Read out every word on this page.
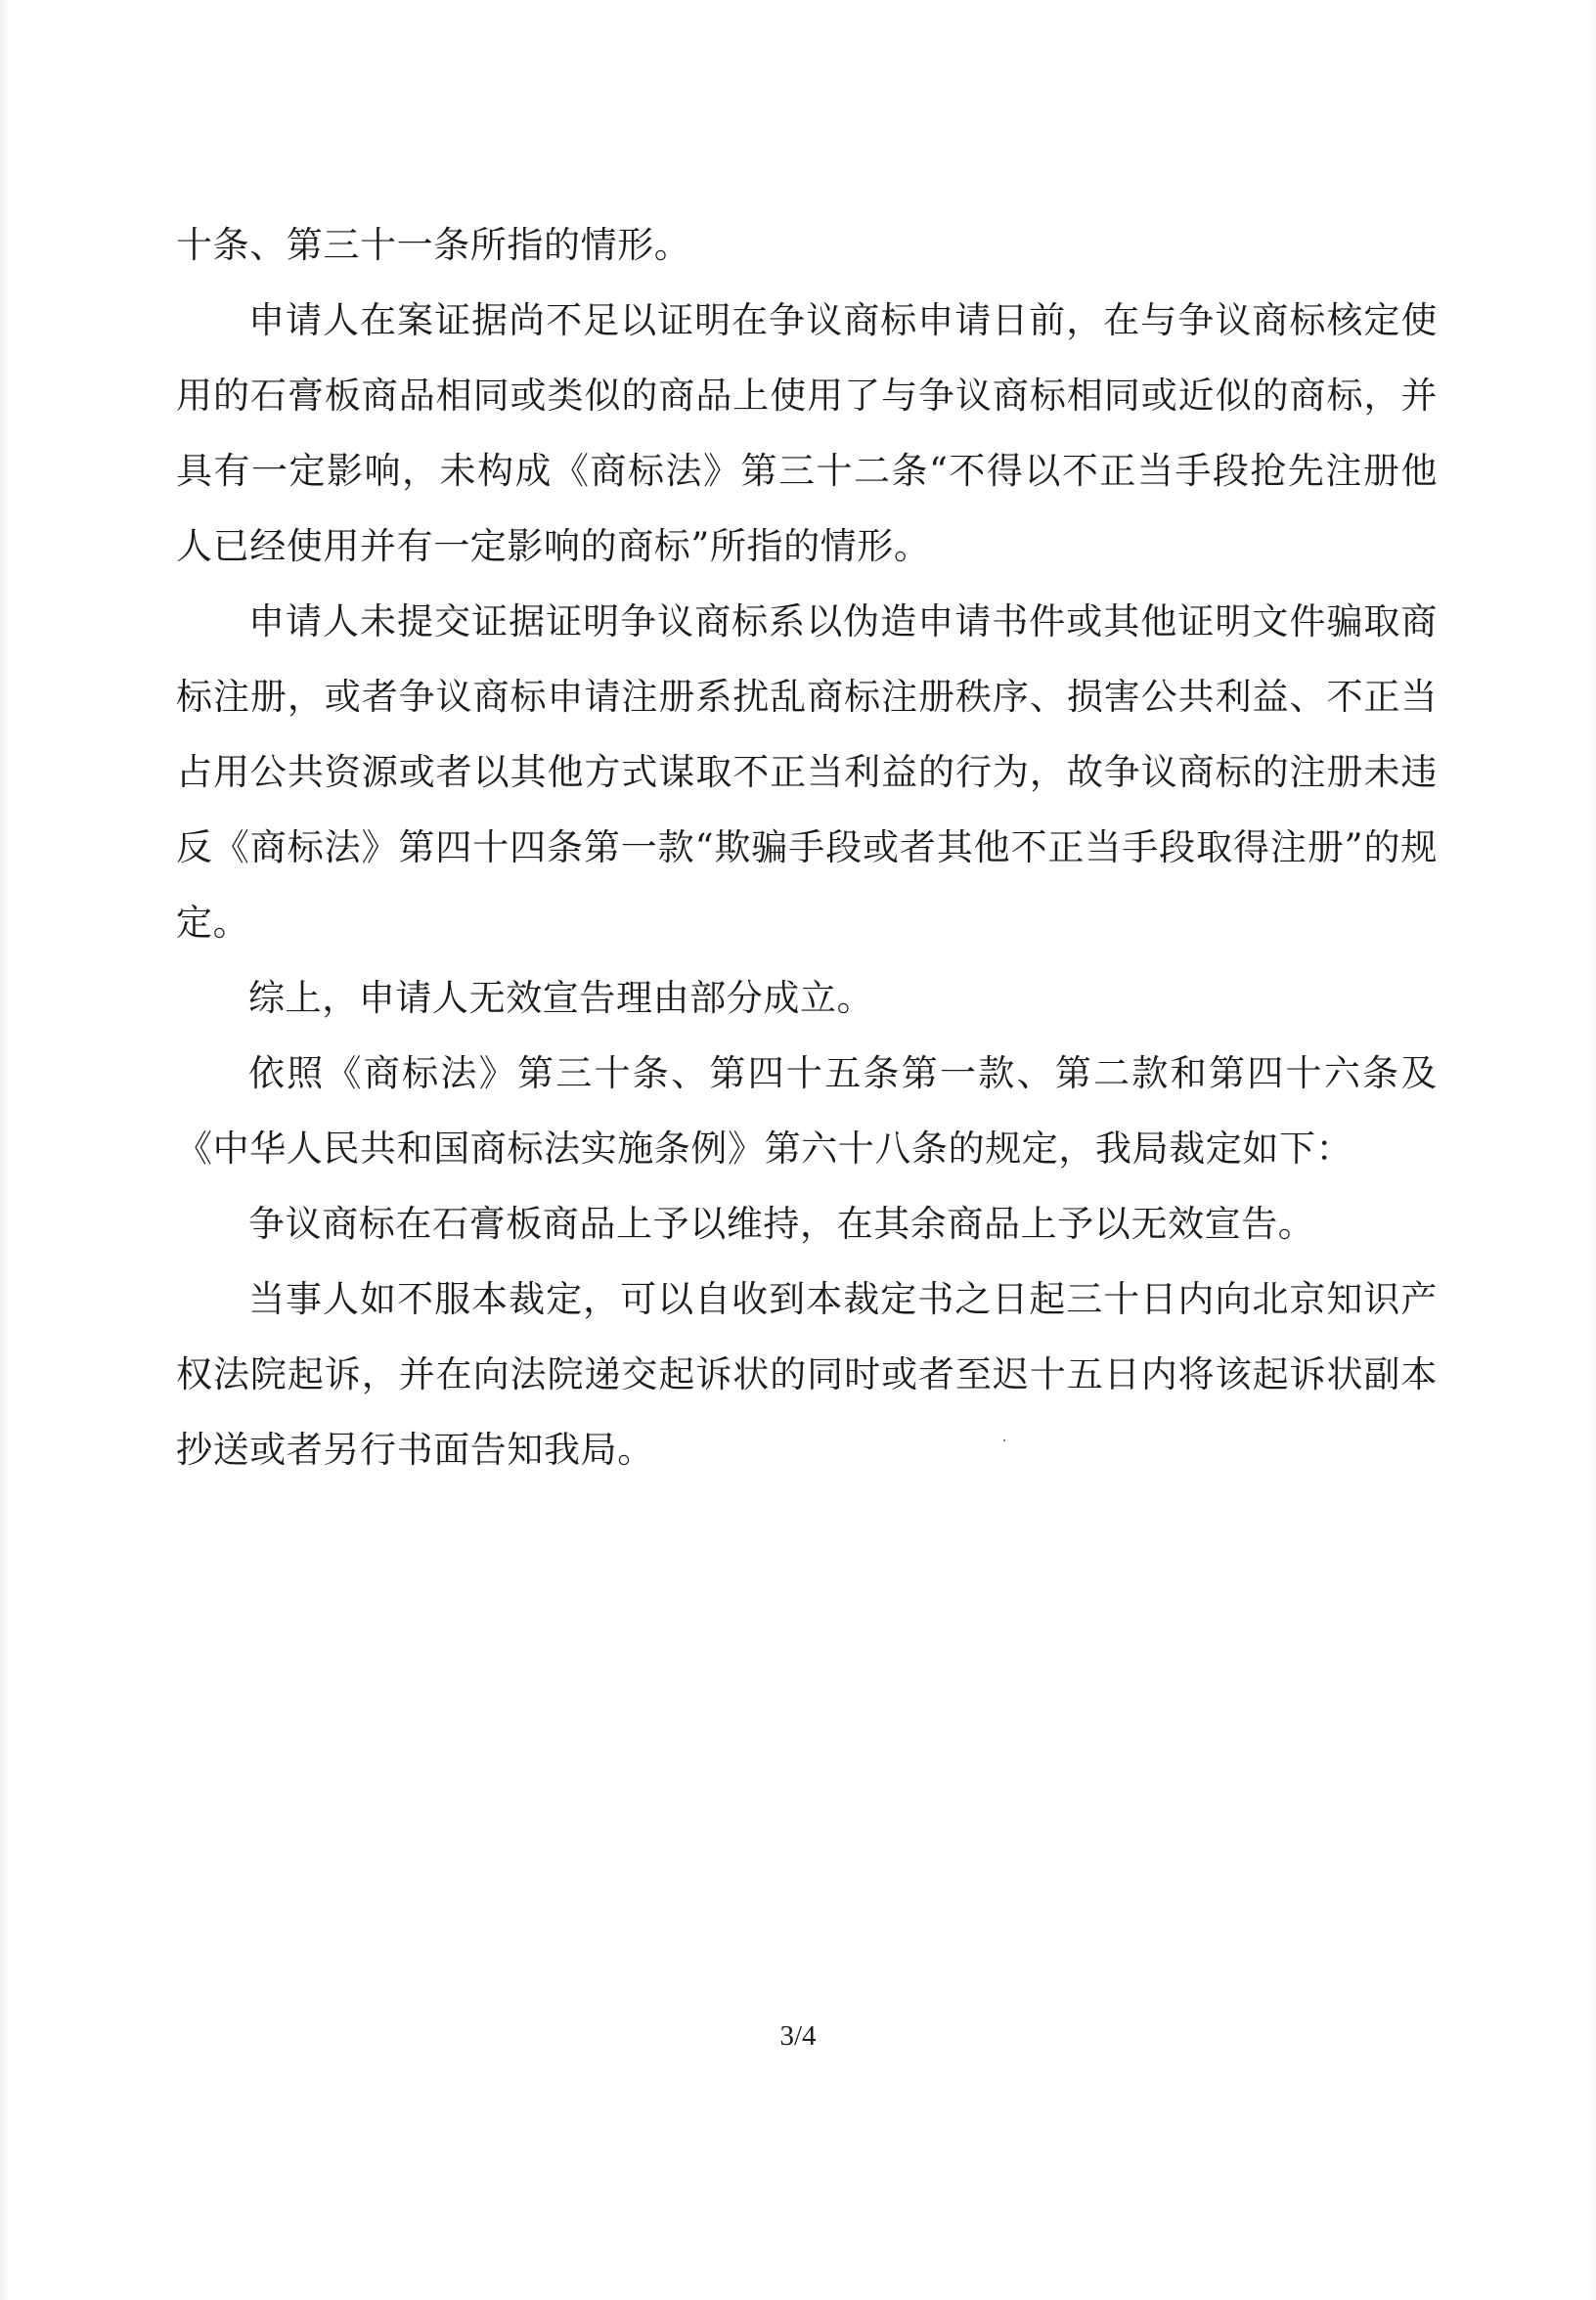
十条、第三十一条所指的情形。

申请人在案证据尚不足以证明在争议商标申请日前，在与争议商标核定使用的石膏板商品相同或类似的商品上使用了与争议商标相同或近似的商标，并具有一定影响，未构成《商标法》第三十二条“不得以不正当手段抢先注册他人已经使用并有一定影响的商标”所指的情形。

申请人未提交证据证明争议商标系以伪造申请书件或其他证明文件骗取商标注册，或者争议商标申请注册系扰乱商标注册秩序、损害公共利益、不正当占用公共资源或者以其他方式谋取不正当利益的行为，故争议商标的注册未违反《商标法》第四十四条第一款“欺骗手段或者其他不正当手段取得注册”的规定。

综上，申请人无效宣告理由部分成立。

依照《商标法》第三十条、第四十五条第一款、第二款和第四十六条及《中华人民共和国商标法实施条例》第六十八条的规定，我局裁定如下：

争议商标在石膏板商品上予以维持，在其余商品上予以无效宣告。

当事人如不服本裁定，可以自收到本裁定书之日起三十日内向北京知识产权法院起诉，并在向法院递交起诉状的同时或者至迟十五日内将该起诉状副本抄送或者另行书面告知我局。

3/4
